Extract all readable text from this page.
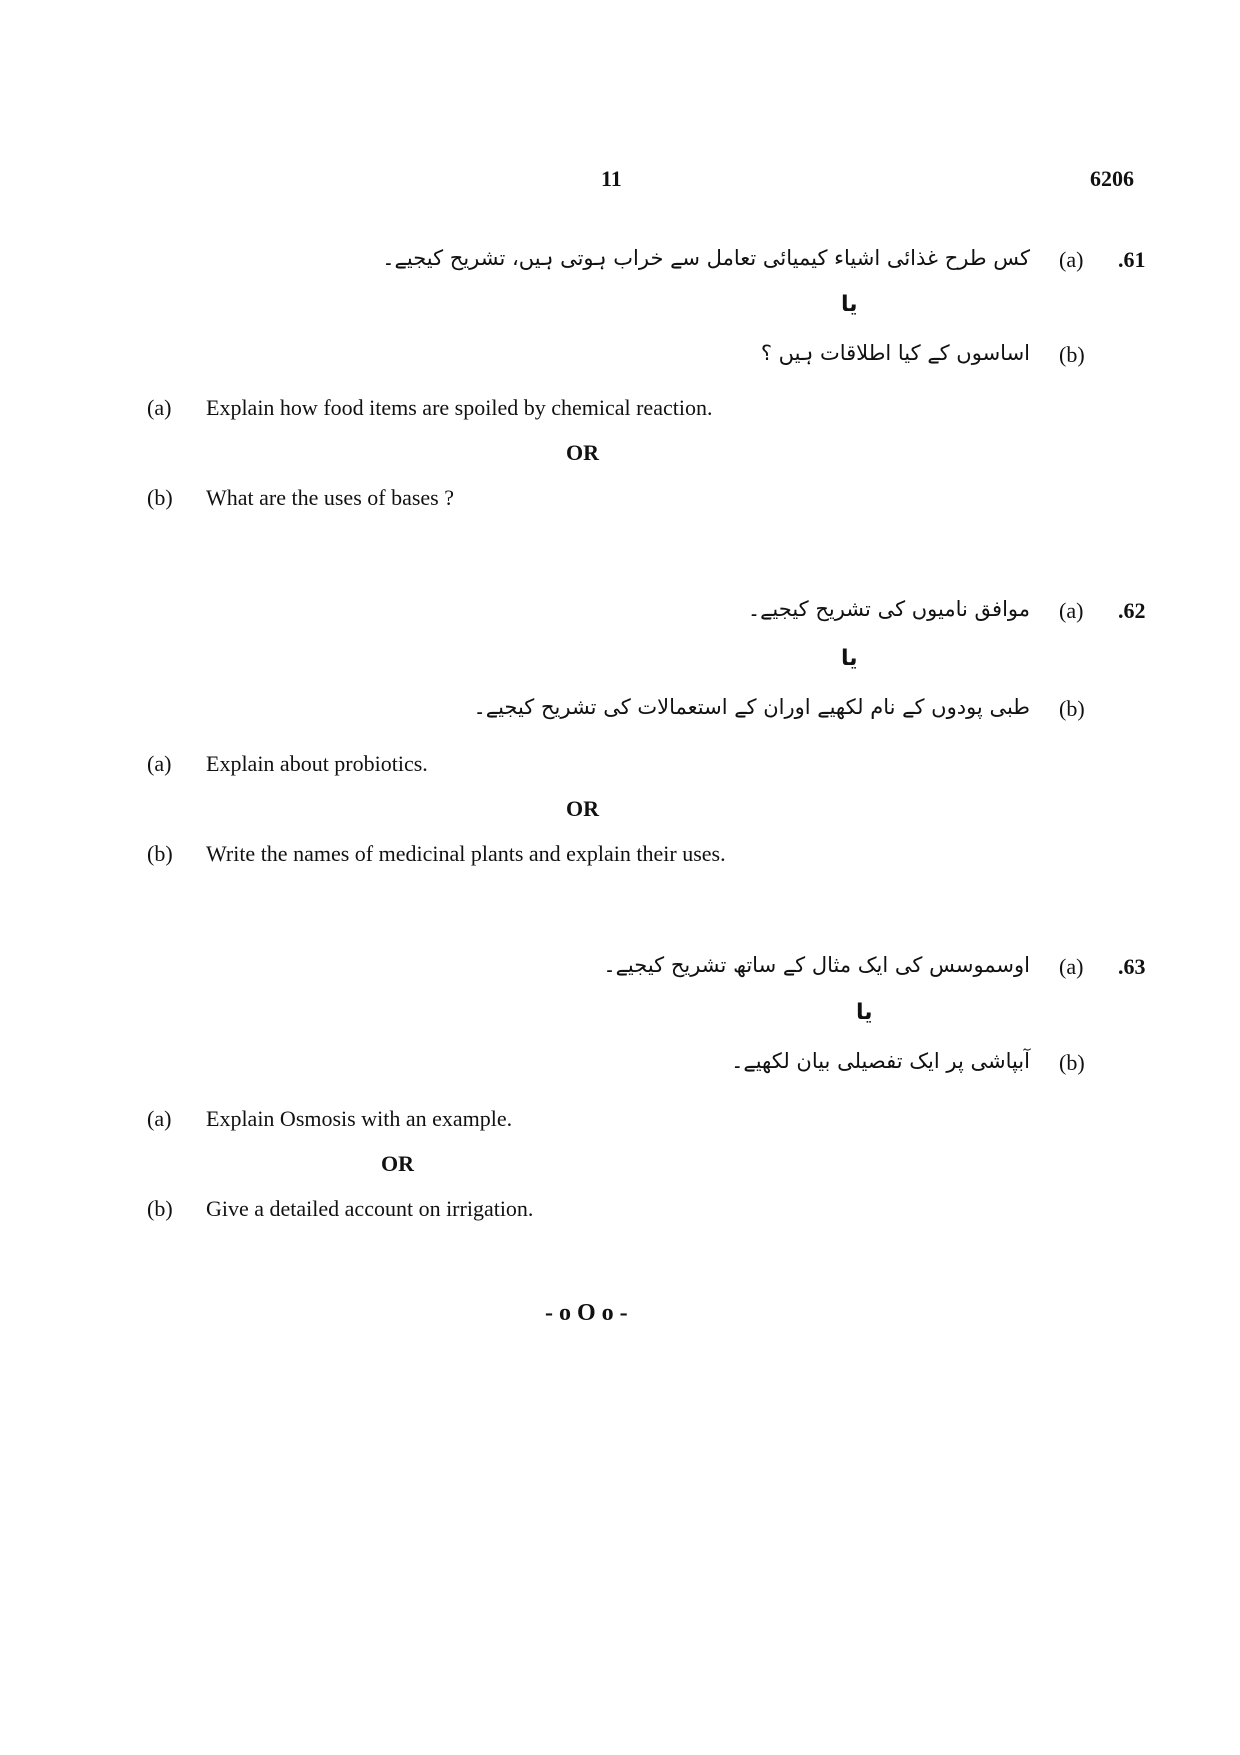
11	6206
.61
(a)
کس طرح غذائی اشیاء کیمیائی تعامل سے خراب ہوتی ہیں، تشریح کیجیے۔
یا
(b)
اساسوں کے کیا اطلاقات ہیں ؟
(a) Explain how food items are spoiled by chemical reaction.
OR
(b) What are the uses of bases ?
.62
(a)
موافق نامیوں کی تشریح کیجیے۔
یا
(b)
طبی پودوں کے نام لکھیے اوران کے استعمالات کی تشریح کیجیے۔
(a) Explain about probiotics.
OR
(b) Write the names of medicinal plants and explain their uses.
.63
(a)
اوسموسس کی ایک مثال کے ساتھ تشریح کیجیے۔
یا
(b)
آبپاشی پر ایک تفصیلی بیان لکھیے۔
(a) Explain Osmosis with an example.
OR
(b) Give a detailed account on irrigation.
- o O o -
